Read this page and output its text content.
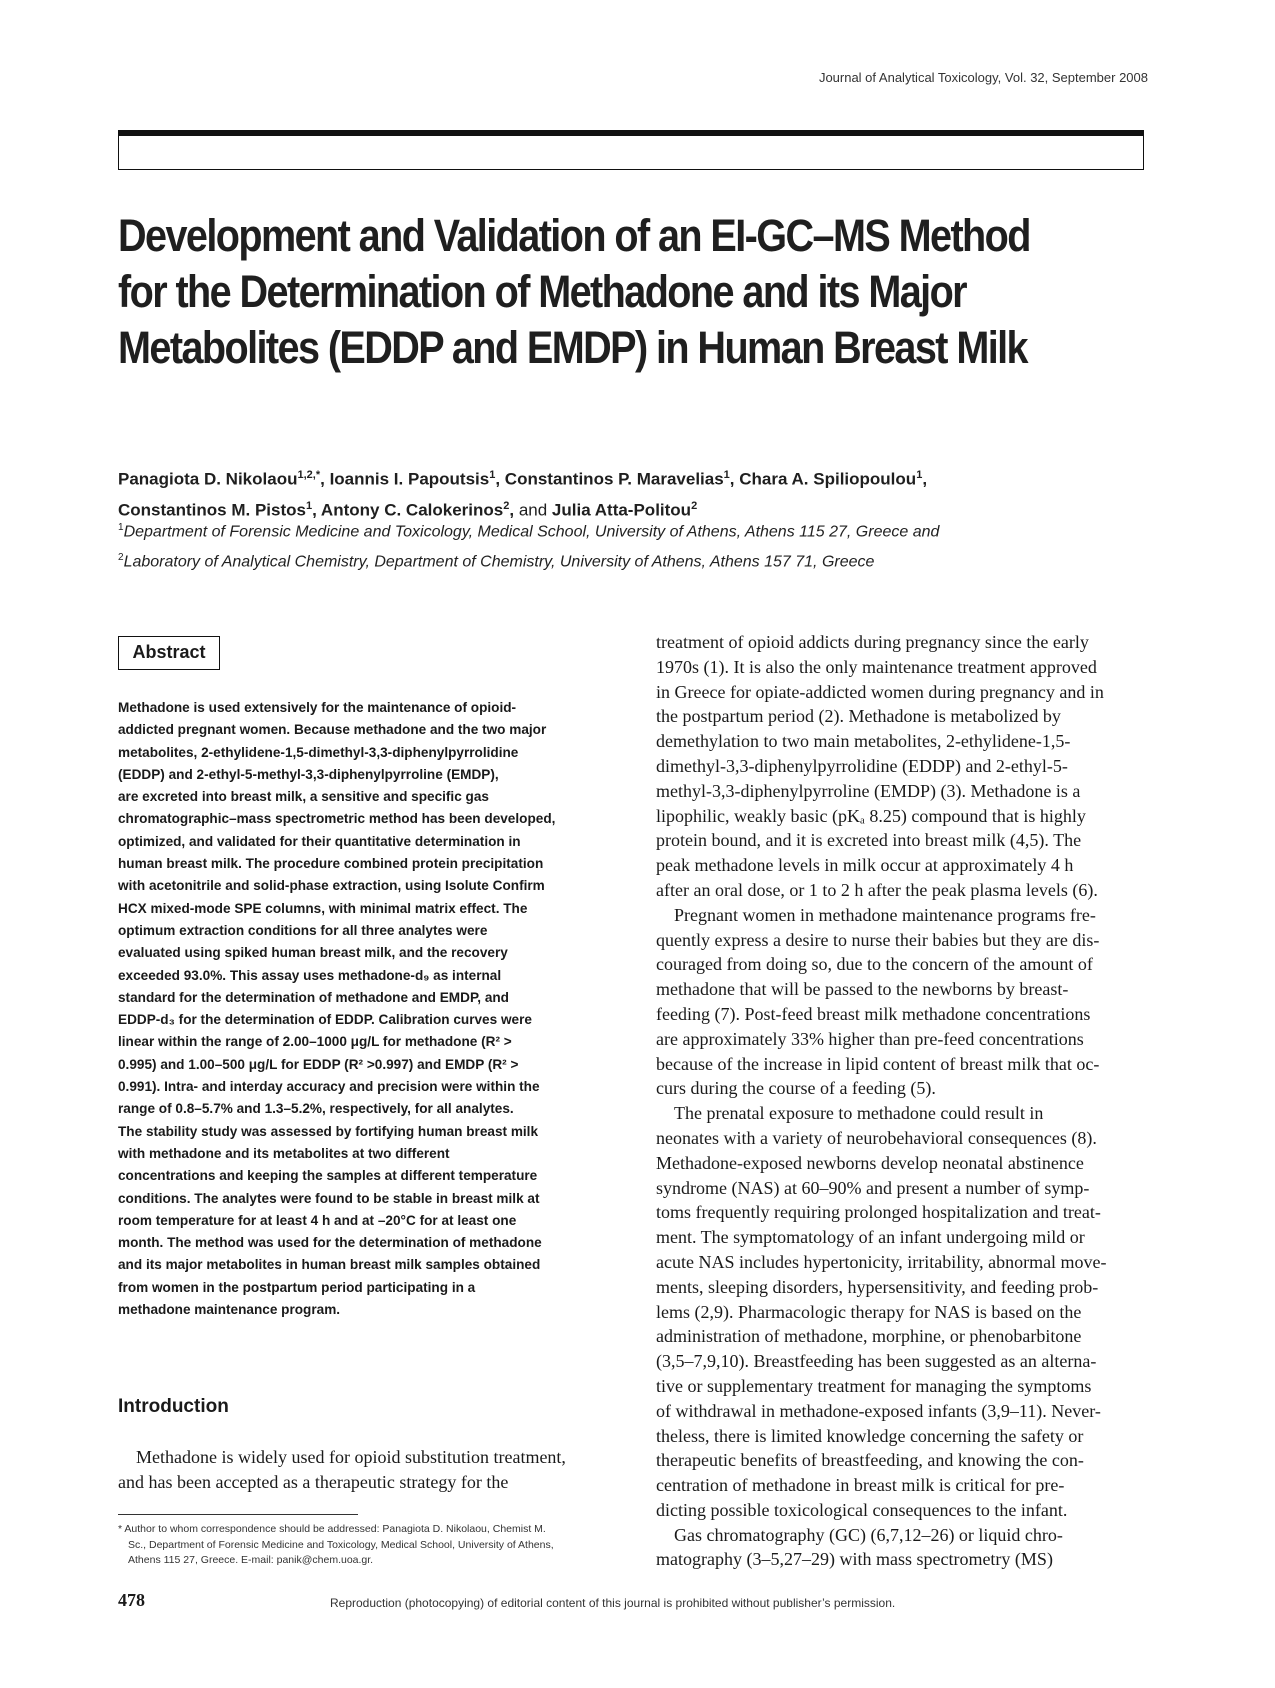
Journal of Analytical Toxicology, Vol. 32, September 2008
Development and Validation of an EI-GC–MS Method
for the Determination of Methadone and its Major
Metabolites (EDDP and EMDP) in Human Breast Milk
Panagiota D. Nikolaou$^{1,2,*}$, Ioannis I. Papoutsis$^1$, Constantinos P. Maravelias$^1$, Chara A. Spiliopoulou$^1$,
Constantinos M. Pistos$^1$, Antony C. Calokerinos$^2$, and Julia Atta-Politou$^2$
$^1$Department of Forensic Medicine and Toxicology, Medical School, University of Athens, Athens 115 27, Greece and
$^2$Laboratory of Analytical Chemistry, Department of Chemistry, University of Athens, Athens 157 71, Greece
Abstract
Methadone is used extensively for the maintenance of opioid-
addicted pregnant women. Because methadone and the two major
metabolites, 2-ethylidene-1,5-dimethyl-3,3-diphenylpyrrolidine
(EDDP) and 2-ethyl-5-methyl-3,3-diphenylpyrroline (EMDP),
are excreted into breast milk, a sensitive and specific gas
chromatographic–mass spectrometric method has been developed,
optimized, and validated for their quantitative determination in
human breast milk. The procedure combined protein precipitation
with acetonitrile and solid-phase extraction, using Isolute Confirm
HCX mixed-mode SPE columns, with minimal matrix effect. The
optimum extraction conditions for all three analytes were
evaluated using spiked human breast milk, and the recovery
exceeded 93.0%. This assay uses methadone-d₉ as internal
standard for the determination of methadone and EMDP, and
EDDP-d₃ for the determination of EDDP. Calibration curves were
linear within the range of 2.00–1000 μg/L for methadone (R² >
0.995) and 1.00–500 μg/L for EDDP (R² >0.997) and EMDP (R² >
0.991). Intra- and interday accuracy and precision were within the
range of 0.8–5.7% and 1.3–5.2%, respectively, for all analytes.
The stability study was assessed by fortifying human breast milk
with methadone and its metabolites at two different
concentrations and keeping the samples at different temperature
conditions. The analytes were found to be stable in breast milk at
room temperature for at least 4 h and at –20°C for at least one
month. The method was used for the determination of methadone
and its major metabolites in human breast milk samples obtained
from women in the postpartum period participating in a
methadone maintenance program.
Introduction
Methadone is widely used for opioid substitution treatment,
and has been accepted as a therapeutic strategy for the
* Author to whom correspondence should be addressed: Panagiota D. Nikolaou, Chemist M.
Sc., Department of Forensic Medicine and Toxicology, Medical School, University of Athens,
Athens 115 27, Greece. E-mail: panik@chem.uoa.gr.
treatment of opioid addicts during pregnancy since the early
1970s (1). It is also the only maintenance treatment approved
in Greece for opiate-addicted women during pregnancy and in
the postpartum period (2). Methadone is metabolized by
demethylation to two main metabolites, 2-ethylidene-1,5-
dimethyl-3,3-diphenylpyrrolidine (EDDP) and 2-ethyl-5-
methyl-3,3-diphenylpyrroline (EMDP) (3). Methadone is a
lipophilic, weakly basic (pKₐ 8.25) compound that is highly
protein bound, and it is excreted into breast milk (4,5). The
peak methadone levels in milk occur at approximately 4 h
after an oral dose, or 1 to 2 h after the peak plasma levels (6).
Pregnant women in methadone maintenance programs fre-
quently express a desire to nurse their babies but they are dis-
couraged from doing so, due to the concern of the amount of
methadone that will be passed to the newborns by breast-
feeding (7). Post-feed breast milk methadone concentrations
are approximately 33% higher than pre-feed concentrations
because of the increase in lipid content of breast milk that oc-
curs during the course of a feeding (5).
The prenatal exposure to methadone could result in
neonates with a variety of neurobehavioral consequences (8).
Methadone-exposed newborns develop neonatal abstinence
syndrome (NAS) at 60–90% and present a number of symp-
toms frequently requiring prolonged hospitalization and treat-
ment. The symptomatology of an infant undergoing mild or
acute NAS includes hypertonicity, irritability, abnormal move-
ments, sleeping disorders, hypersensitivity, and feeding prob-
lems (2,9). Pharmacologic therapy for NAS is based on the
administration of methadone, morphine, or phenobarbitone
(3,5–7,9,10). Breastfeeding has been suggested as an alterna-
tive or supplementary treatment for managing the symptoms
of withdrawal in methadone-exposed infants (3,9–11). Never-
theless, there is limited knowledge concerning the safety or
therapeutic benefits of breastfeeding, and knowing the con-
centration of methadone in breast milk is critical for pre-
dicting possible toxicological consequences to the infant.
Gas chromatography (GC) (6,7,12–26) or liquid chro-
matography (3–5,27–29) with mass spectrometry (MS)
478	Reproduction (photocopying) of editorial content of this journal is prohibited without publisher’s permission.
